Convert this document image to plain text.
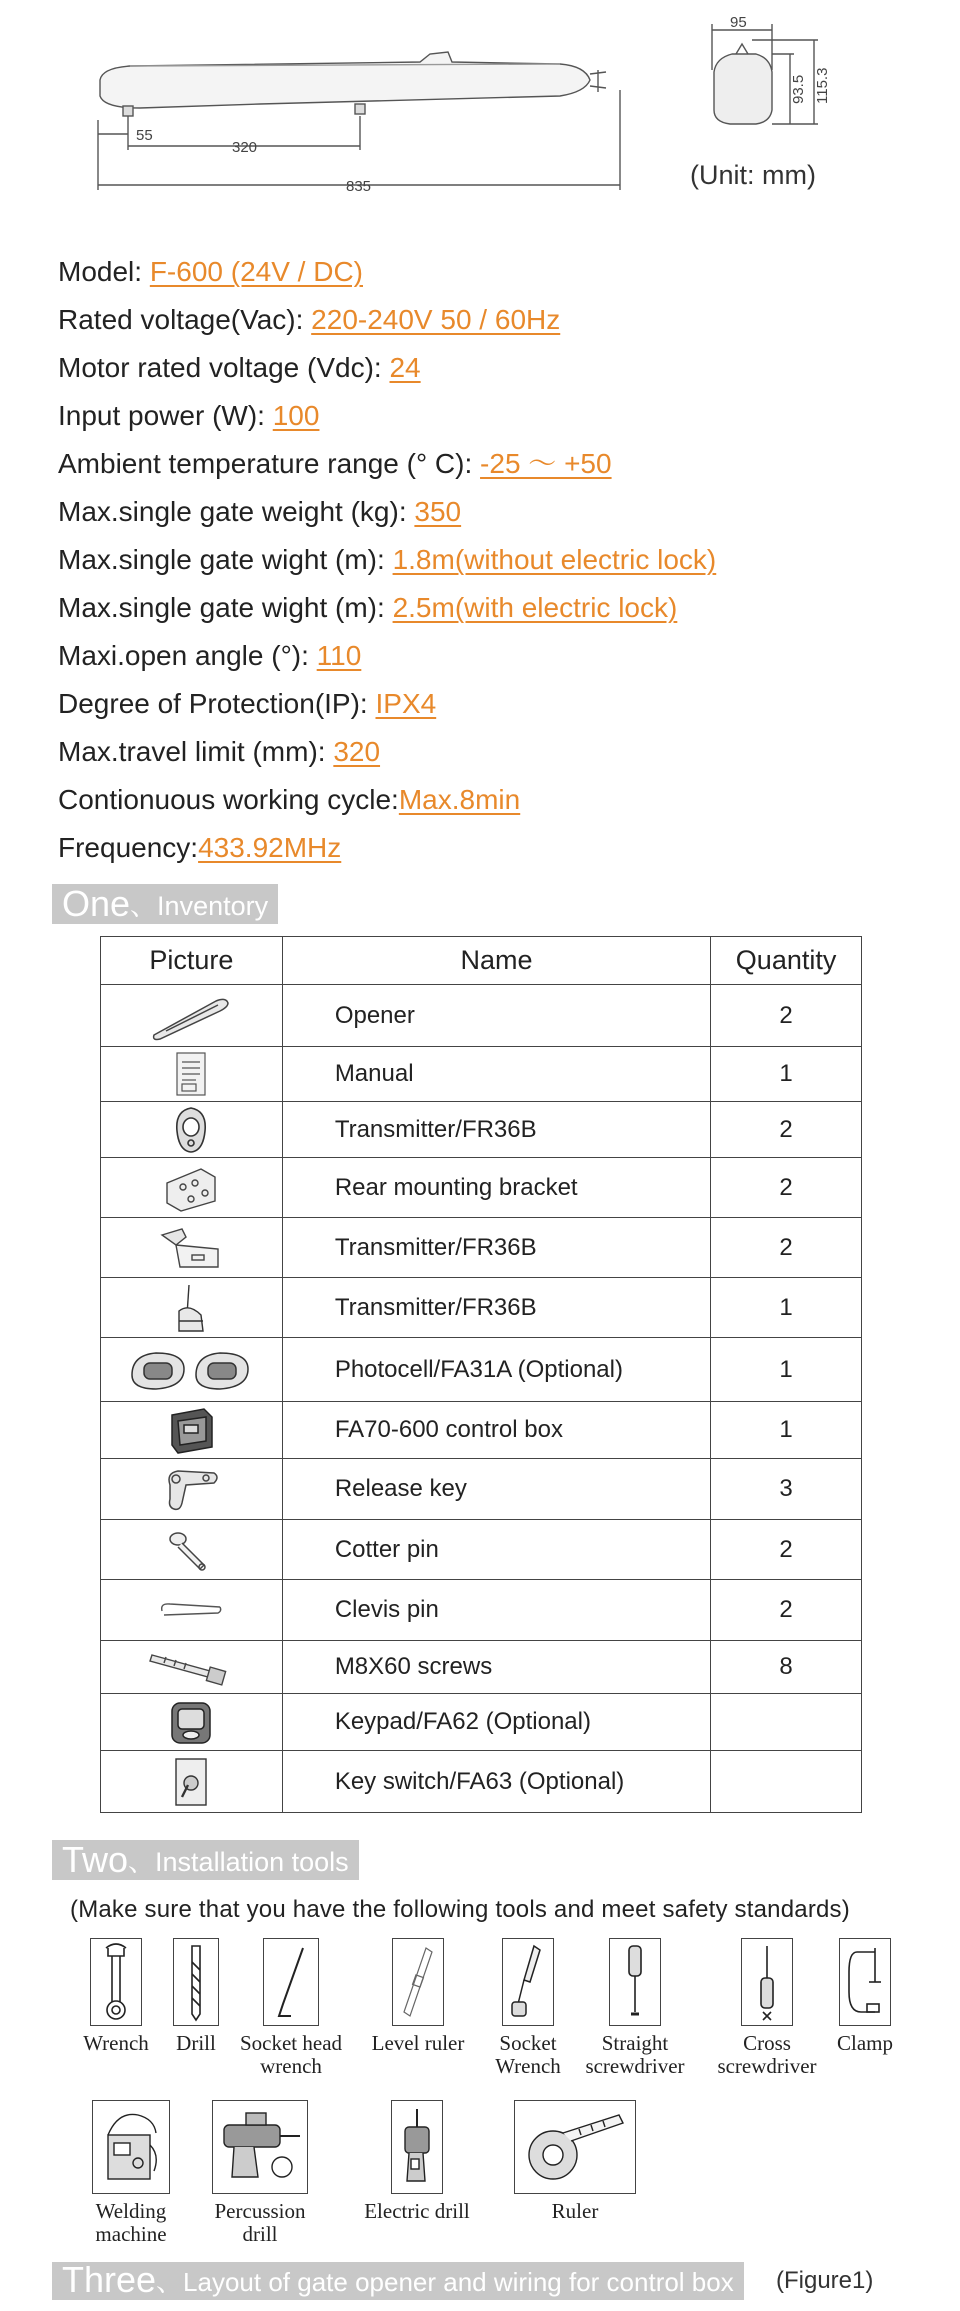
55
320
835
95
93.5 115.3
(Unit: mm)
Model: F-600 (24V / DC)
Rated voltage(Vac): 220-240V 50 / 60Hz
Motor rated voltage (Vdc): 24
Input power (W): 100
Ambient temperature range (° C): -25 ～ +50
Max.single gate weight (kg): 350
Max.single gate wight (m): 1.8m(without electric lock)
Max.single gate wight (m): 2.5m(with electric lock)
Maxi.open angle (°): 110
Degree of Protection(IP): IPX4
Max.travel limit (mm): 320
Contionuous working cycle:Max.8min
Frequency:433.92MHz
One 、 Inventory
Picture	Name	Quantity
	Opener	2
	Manual	1
	Transmitter/FR36B	2
	Rear mounting bracket	2
	Transmitter/FR36B	2
	Transmitter/FR36B	1
	Photocell/FA31A (Optional)	1
	FA70-600 control box	1
	Release key	3
	Cotter pin	2
	Clevis pin	2
	M8X60 screws	8
	Keypad/FA62 (Optional)	
	Key switch/FA63 (Optional)	
Two 、 Installation tools
(Make sure that you have the following tools and meet safety standards)
Wrench	Drill	Socket head
wrench
Level ruler	Socket
Wrench
Straight
screwdriver
Cross
screwdriver
Clamp
Welding
machine
Percussion
drill
Electric drill	Ruler
Three 、 Layout of gate opener and wiring for control box (Figure1)
